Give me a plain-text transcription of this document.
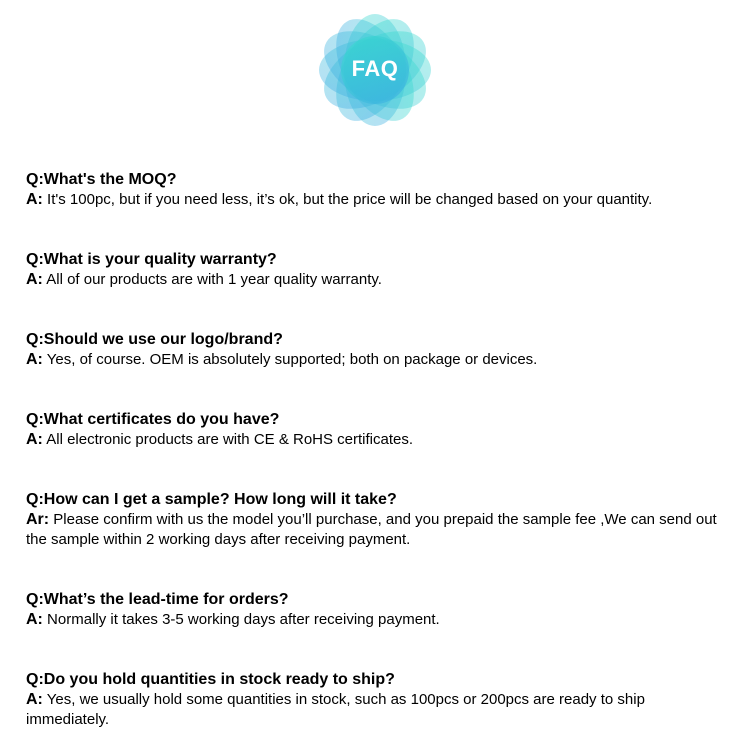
FAQ
Q:What's the MOQ?
A: It's 100pc, but if you need less, it’s ok, but the price will be changed based on your quantity.
Q:What is your quality warranty?
A: All of our products are with 1 year quality warranty.
Q:Should we use our logo/brand?
A: Yes, of course. OEM is absolutely supported; both on package or devices.
Q:What certificates do you have?
A: All electronic products are with CE & RoHS certificates.
Q:How can I get a sample? How long will it take?
Ar: Please confirm with us the model you’ll purchase, and you prepaid the sample fee ,We can send out the sample within 2 working days after receiving payment.
Q:What’s the lead-time for orders?
A: Normally it takes 3-5 working days after receiving payment.
Q:Do you hold quantities in stock ready to ship?
A: Yes, we usually hold some quantities in stock, such as 100pcs or 200pcs are ready to ship immediately.
